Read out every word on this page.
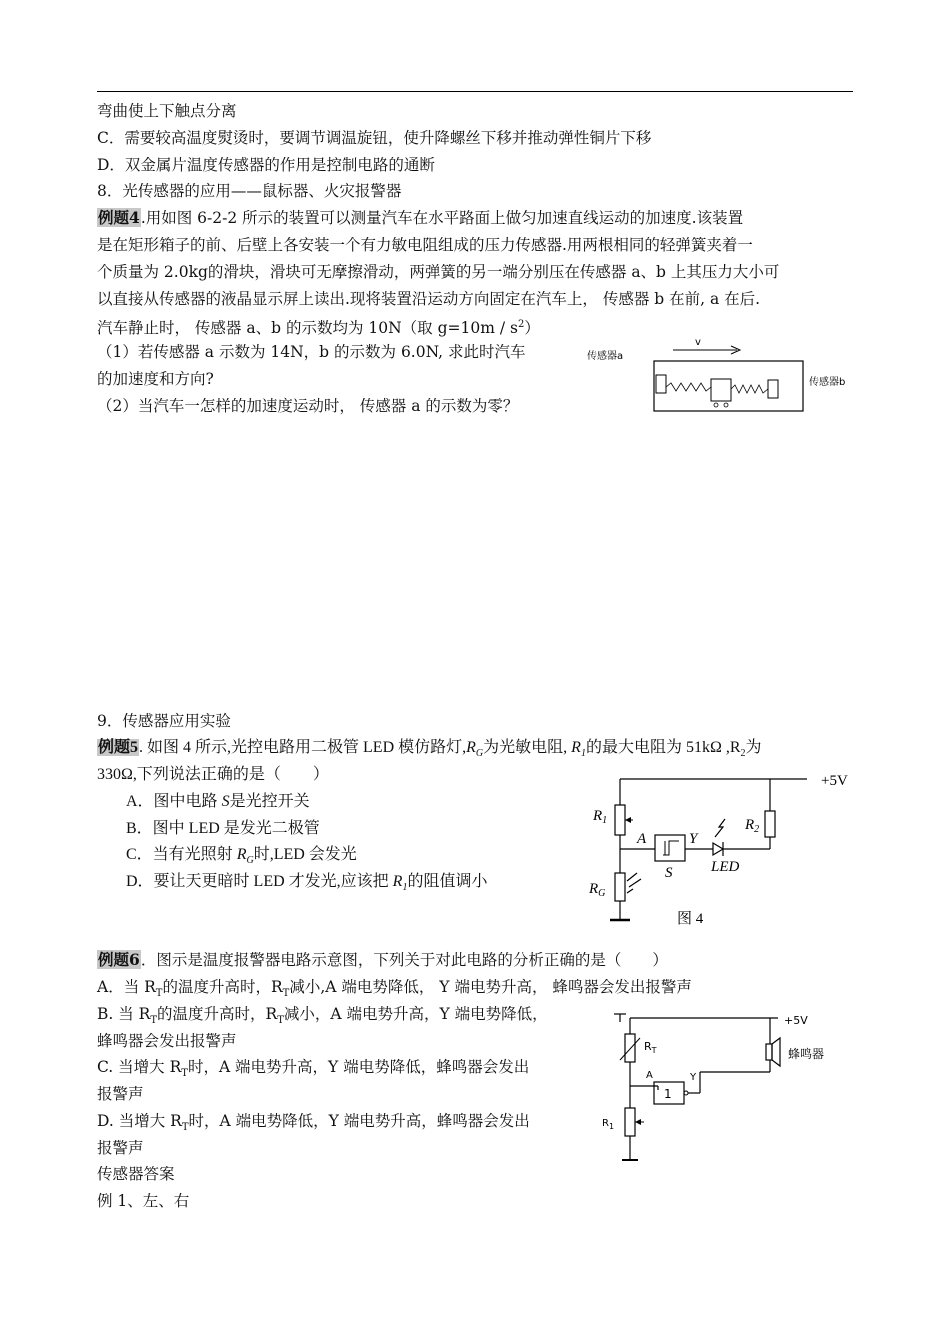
弯曲使上下触点分离
C．需要较高温度熨烫时，要调节调温旋钮，使升降螺丝下移并推动弹性铜片下移
D．双金属片温度传感器的作用是控制电路的通断
8．光传感器的应用——鼠标器、火灾报警器
例题4.用如图 6-2-2 所示的装置可以测量汽车在水平路面上做匀加速直线运动的加速度.该装置
是在矩形箱子的前、后壁上各安装一个有力敏电阻组成的压力传感器.用两根相同的轻弹簧夹着一
个质量为 2.0kg的滑块，滑块可无摩擦滑动，两弹簧的另一端分别压在传感器 a、b 上其压力大小可
以直接从传感器的液晶显示屏上读出.现将装置沿运动方向固定在汽车上， 传感器 b 在前, a 在后.
汽车静止时， 传感器 a、b 的示数均为 10N（取 $g=10m / s^2$）
（1）若传感器 a 示数为 14N，b 的示数为 6.0N, 求此时汽车
的加速度和方向?
（2）当汽车一怎样的加速度运动时， 传感器 a 的示数为零？
传感器a
传感器b
v
9．传感器应用实验
例题5. 如图 4 所示,光控电路用二极管 LED 模仿路灯$,R_G$为光敏电阻, $R_1$的最大电阻为 51kΩ $,R_2$为
330Ω,下列说法正确的是（　　）
A．图中电路 S是光控开关
B．图中 LED 是发光二极管
C．当有光照射 $R_G$时,LED 会发光
D．要让天更暗时 LED 才发光,应该把 $R_1$的阻值调小
+5V
$R_1$
A
S
Y
LED
$R_2$
$R_G$
图 4
例题6．图示是温度报警器电路示意图，下列关于对此电路的分析正确的是（　　）
A．当 $R_T$的温度升高时，$R_T$减小,A 端电势降低， Y 端电势升高， 蜂鸣器会发出报警声
B. 当 $R_T$的温度升高时，$R_T$减小，A 端电势升高，Y 端电势降低，
蜂鸣器会发出报警声
C. 当增大 $R_T$时，A 端电势升高，Y 端电势降低，蜂鸣器会发出
报警声
D. 当增大 $R_T$时，A 端电势降低，Y 端电势升高，蜂鸣器会发出
报警声
+5V
$R_T$
A
1
Y
蜂鸣器
$R_1$
传感器答案
例 1、左、右
